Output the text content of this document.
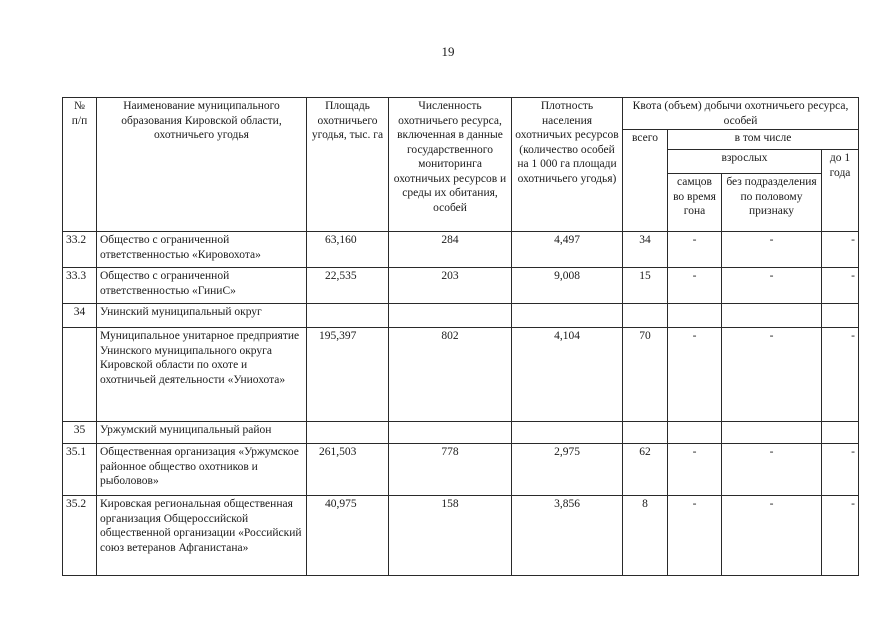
19
№
п/п	Наименование муниципального образования Кировской области, охотничьего угодья	Площадь охотничьего угодья, тыс. га	Численность охотничьего ресурса, включенная в данные государственного мониторинга охотничьих ресурсов и среды их обитания, особей	Плотность населения охотничьих ресурсов (количество особей на 1 000 га площади охотничьего угодья)	Квота (объем) добычи охотничьего ресурса, особей			
					всего	в том числе		
						взрослых		до 1 года
						самцов во время гона	без подразделения по половому признаку	
33.2	Общество с ограниченной ответственностью «Кировохота»	63,160	284	4,497	34	-	-	-
33.3	Общество с ограниченной ответственностью «ГиниС»	22,535	203	9,008	15	-	-	-
34	Унинский муниципальный округ							
	Муниципальное унитарное предприятие Унинского муниципального округа Кировской области по охоте и охотничьей деятельности «Униохота»	195,397	802	4,104	70	-	-	-
35	Уржумский муниципальный район							
35.1	Общественная организация «Уржумское районное общество охотников и рыболовов»	261,503	778	2,975	62	-	-	-
35.2	Кировская региональная общественная организация Общероссийской общественной организации «Российский союз ветеранов Афганистана»	40,975	158	3,856	8	-	-	-
